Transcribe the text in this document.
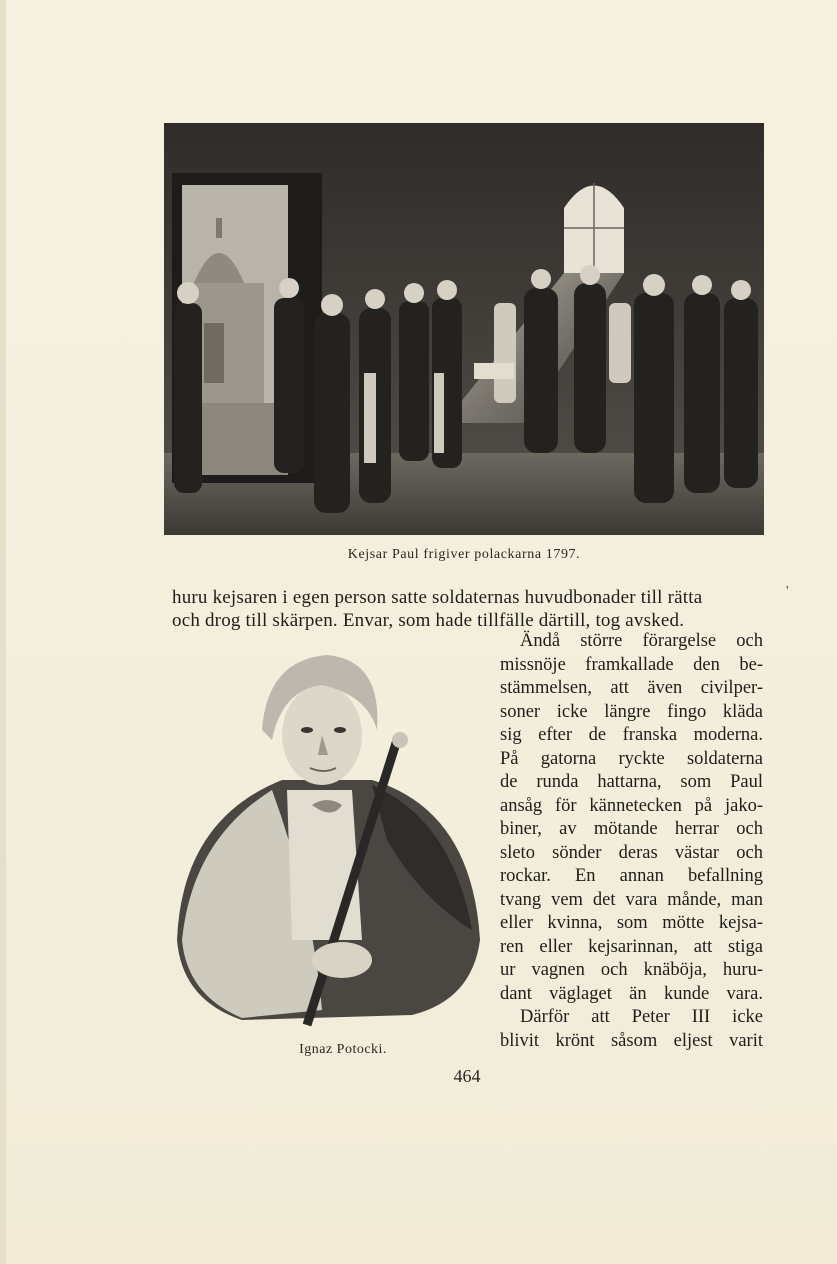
Kejsar Paul frigiver polackarna 1797.
'
huru kejsaren i egen person satte soldaternas huvudbonader till rätta
och drog till skärpen. Envar, som hade tillfälle därtill, tog avsked.
Ignaz Potocki.
Ändå större förargelse och
missnöje framkallade den be-
stämmelsen, att även civilper-
soner icke längre fingo kläda
sig efter de franska moderna.
På gatorna ryckte soldaterna
de runda hattarna, som Paul
ansåg för kännetecken på jako-
biner, av mötande herrar och
sleto sönder deras västar och
rockar. En annan befallning
tvang vem det vara månde, man
eller kvinna, som mötte kejsa-
ren eller kejsarinnan, att stiga
ur vagnen och knäböja, huru-
dant väglaget än kunde vara.
Därför att Peter III icke
blivit krönt såsom eljest varit
464
